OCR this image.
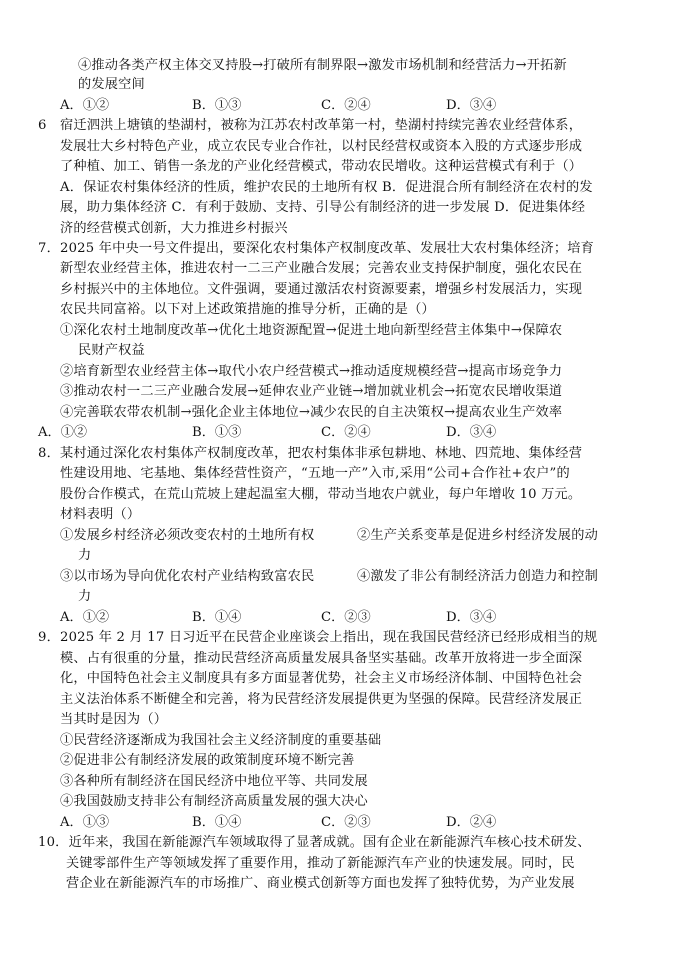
④推动各类产权主体交叉持股→打破所有制界限→激发市场机制和经营活力→开拓新
的发展空间
A．①②	B．①③	C．②④	D．③④
6　宿迁泗洪上塘镇的垫湖村，被称为江苏农村改革第一村，垫湖村持续完善农业经营体系，
发展壮大乡村特色产业，成立农民专业合作社，以村民经营权或资本入股的方式逐步形成
了种植、加工、销售一条龙的产业化经营模式，带动农民增收。这种运营模式有利于（）
A．保证农村集体经济的性质，维护农民的土地所有权 B．促进混合所有制经济在农村的发
展，助力集体经济 C．有利于鼓励、支持、引导公有制经济的进一步发展 D．促进集体经
济的经营模式创新，大力推进乡村振兴
7．2025 年中央一号文件提出，要深化农村集体产权制度改革、发展壮大农村集体经济；培育
新型农业经营主体，推进农村一二三产业融合发展；完善农业支持保护制度，强化农民在
乡村振兴中的主体地位。文件强调，要通过激活农村资源要素，增强乡村发展活力，实现
农民共同富裕。以下对上述政策措施的推导分析，正确的是（）
①深化农村土地制度改革→优化土地资源配置→促进土地向新型经营主体集中→保障农
民财产权益
②培育新型农业经营主体→取代小农户经营模式→推动适度规模经营→提高市场竞争力
③推动农村一二三产业融合发展→延伸农业产业链→增加就业机会→拓宽农民增收渠道
④完善联农带农机制→强化企业主体地位→减少农民的自主决策权→提高农业生产效率
A．①②	B．①③	C．②④	D．③④
8．某村通过深化农村集体产权制度改革，把农村集体非承包耕地、林地、四荒地、集体经营
性建设用地、宅基地、集体经营性资产，“五地一产”入市,采用“公司+合作社+农户”的
股份合作模式，在荒山荒坡上建起温室大棚，带动当地农户就业，每户年增收 10 万元。
材料表明（）
①发展乡村经济必须改变农村的土地所有权	②生产关系变革是促进乡村经济发展的动
力
③以市场为导向优化农村产业结构致富农民	④激发了非公有制经济活力创造力和控制
力
A．①②	B．①④	C．②③	D．③④
9．2025 年 2 月 17 日习近平在民营企业座谈会上指出，现在我国民营经济已经形成相当的规
模、占有很重的分量，推动民营经济高质量发展具备坚实基础。改革开放将进一步全面深
化，中国特色社会主义制度具有多方面显著优势，社会主义市场经济体制、中国特色社会
主义法治体系不断健全和完善，将为民营经济发展提供更为坚强的保障。民营经济发展正
当其时是因为（）
①民营经济逐渐成为我国社会主义经济制度的重要基础
②促进非公有制经济发展的政策制度环境不断完善
③各种所有制经济在国民经济中地位平等、共同发展
④我国鼓励支持非公有制经济高质量发展的强大决心
A．①③	B．①④	C．②③	D．②④
10．近年来，我国在新能源汽车领域取得了显著成就。国有企业在新能源汽车核心技术研发、
关键零部件生产等领域发挥了重要作用，推动了新能源汽车产业的快速发展。同时，民
营企业在新能源汽车的市场推广、商业模式创新等方面也发挥了独特优势，为产业发展
